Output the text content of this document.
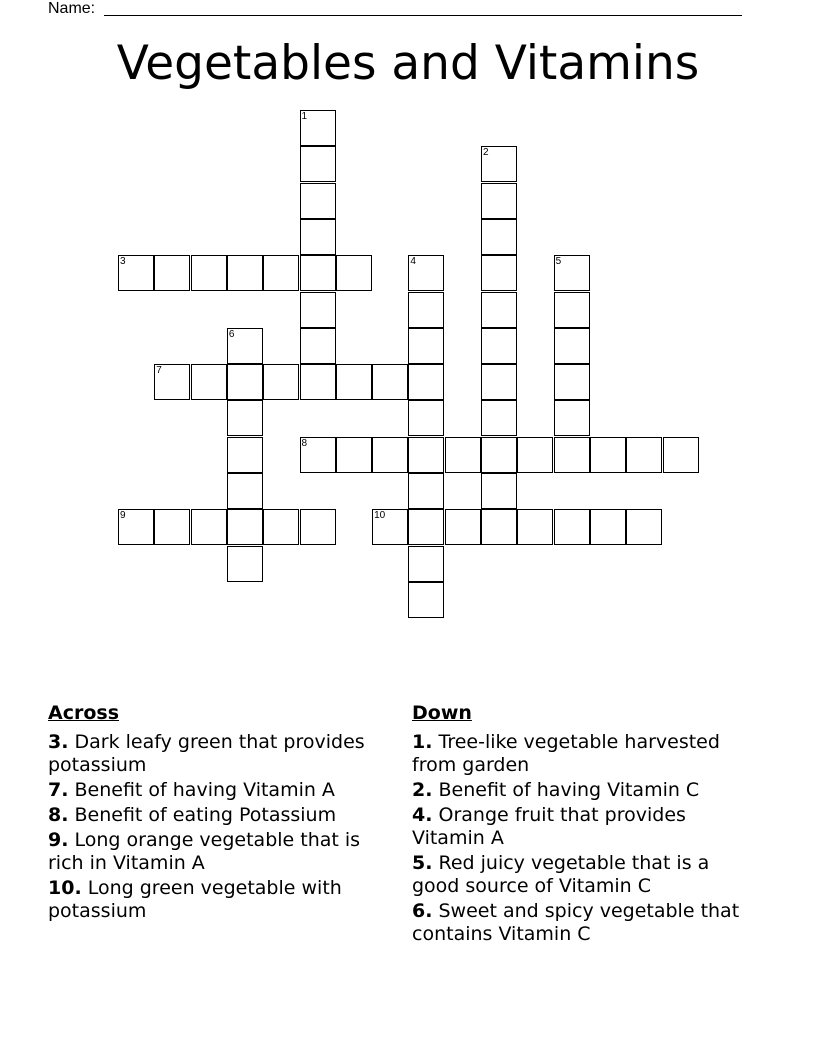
Name:
Vegetables and Vitamins
1
2
3	4	5
6
7
8
9	10
Across
3. Dark leafy green that provides potassium
7. Benefit of having Vitamin A
8. Benefit of eating Potassium
9. Long orange vegetable that is rich in Vitamin A
10. Long green vegetable with potassium
Down
1. Tree-like vegetable harvested from garden
2. Benefit of having Vitamin C
4. Orange fruit that provides Vitamin A
5. Red juicy vegetable that is a good source of Vitamin C
6. Sweet and spicy vegetable that contains Vitamin C
